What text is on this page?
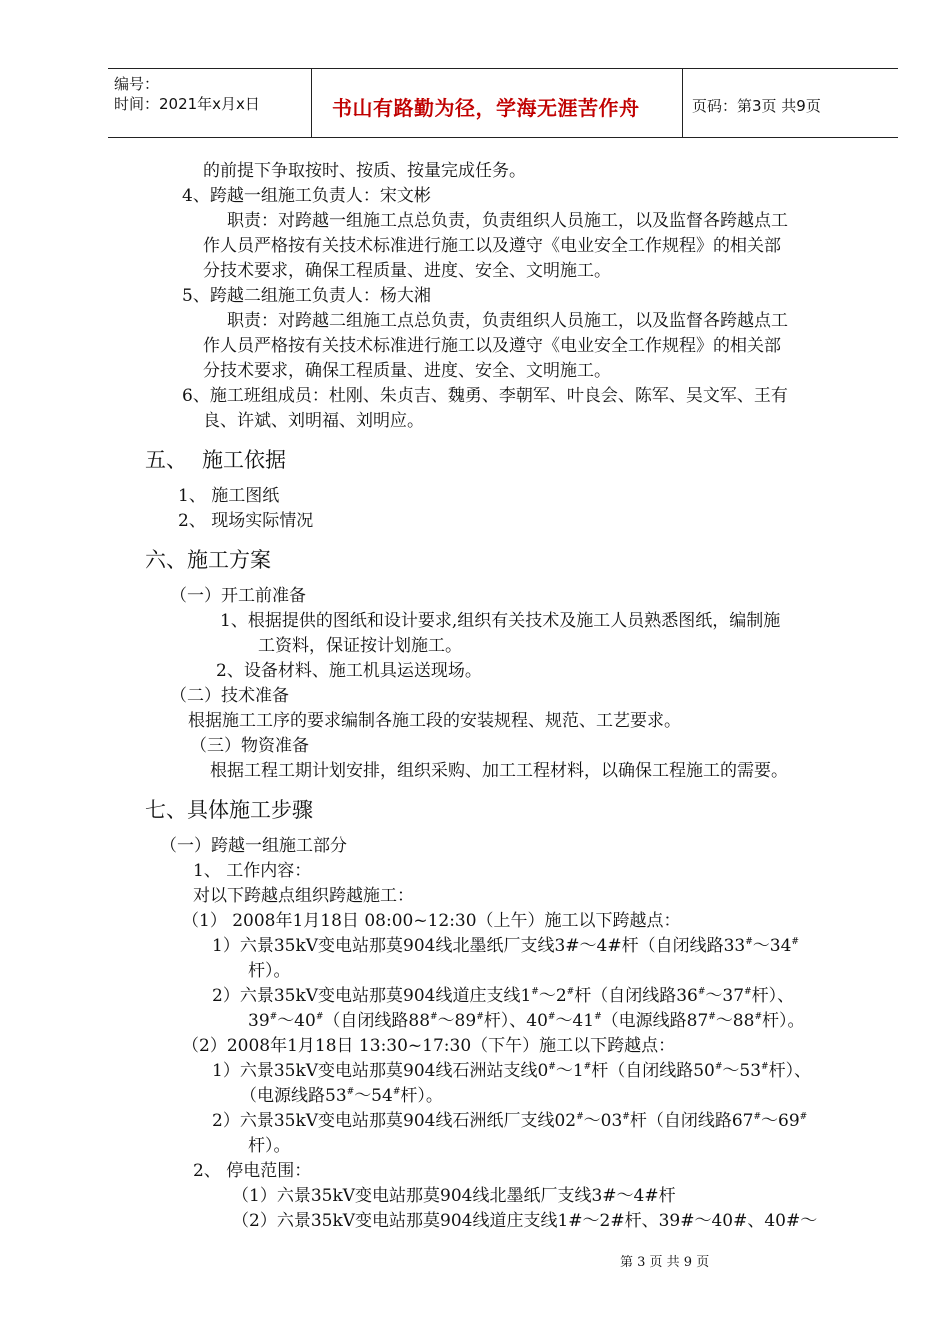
编号：
时间：2021年x月x日	书山有路勤为径，学海无涯苦作舟	页码：第3页 共9页
的前提下争取按时、按质、按量完成任务。
4、跨越一组施工负责人：宋文彬
职责：对跨越一组施工点总负责，负责组织人员施工，以及监督各跨越点工
作人员严格按有关技术标准进行施工以及遵守《电业安全工作规程》的相关部
分技术要求，确保工程质量、进度、安全、文明施工。
5、跨越二组施工负责人：杨大湘
职责：对跨越二组施工点总负责，负责组织人员施工，以及监督各跨越点工
作人员严格按有关技术标准进行施工以及遵守《电业安全工作规程》的相关部
分技术要求，确保工程质量、进度、安全、文明施工。
6、施工班组成员：杜刚、朱贞吉、魏勇、李朝军、叶良会、陈军、吴文军、王有
良、许斌、刘明福、刘明应。
五、 施工依据
1、 施工图纸
2、 现场实际情况
六、施工方案
（一）开工前准备
1、根据提供的图纸和设计要求,组织有关技术及施工人员熟悉图纸，编制施
工资料，保证按计划施工。
2、设备材料、施工机具运送现场。
（二）技术准备
根据施工工序的要求编制各施工段的安装规程、规范、工艺要求。
（三）物资准备
根据工程工期计划安排，组织采购、加工工程材料，以确保工程施工的需要。
七、具体施工步骤
（一）跨越一组施工部分
1、 工作内容：
对以下跨越点组织跨越施工：
（1） 2008年1月18日 08:00~12:30（上午）施工以下跨越点：
1）六景35kV变电站那莫904线北墨纸厂支线3#～4#杆（自闭线路33#～34#
杆）。
2）六景35kV变电站那莫904线道庄支线1#～2#杆（自闭线路36#～37#杆）、
39#～40#（自闭线路88#～89#杆）、40#～41#（电源线路87#～88#杆）。
（2）2008年1月18日 13:30~17:30（下午）施工以下跨越点：
1）六景35kV变电站那莫904线石洲站支线0#～1#杆（自闭线路50#～53#杆）、
（电源线路53#～54#杆）。
2）六景35kV变电站那莫904线石洲纸厂支线02#～03#杆（自闭线路67#～69#
杆）。
2、 停电范围：
（1）六景35kV变电站那莫904线北墨纸厂支线3#～4#杆
（2）六景35kV变电站那莫904线道庄支线1#～2#杆、39#～40#、40#～
第 3 页 共 9 页
